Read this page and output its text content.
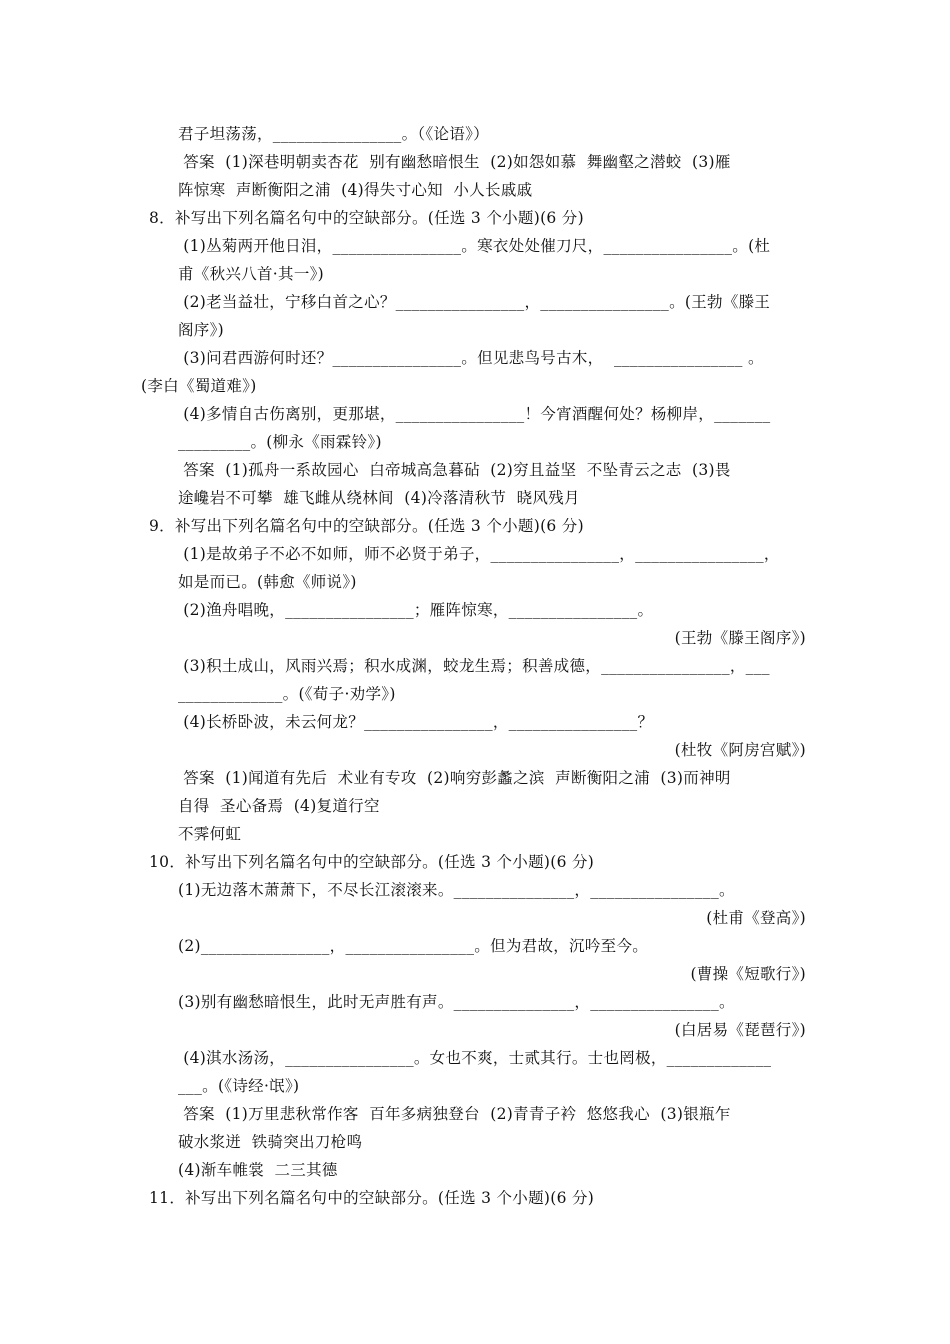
君子坦荡荡，________________。（《论语》）
答案  (1)深巷明朝卖杏花  别有幽愁暗恨生  (2)如怨如慕  舞幽壑之潜蛟  (3)雁
阵惊寒  声断衡阳之浦  (4)得失寸心知  小人长戚戚
8．补写出下列名篇名句中的空缺部分。(任选 3 个小题)(6 分)
(1)丛菊两开他日泪，________________。寒衣处处催刀尺，________________。(杜
甫《秋兴八首·其一》)
(2)老当益壮，宁移白首之心？________________，________________。(王勃《滕王
阁序》)
(3)问君西游何时还？________________。但见悲鸟号古木，  ________________ 。
(李白《蜀道难》)
(4)多情自古伤离别，更那堪，________________！今宵酒醒何处？杨柳岸，_______
_________。(柳永《雨霖铃》)
答案  (1)孤舟一系故园心  白帝城高急暮砧  (2)穷且益坚  不坠青云之志  (3)畏
途巉岩不可攀  雄飞雌从绕林间  (4)冷落清秋节  晓风残月
9．补写出下列名篇名句中的空缺部分。(任选 3 个小题)(6 分)
(1)是故弟子不必不如师，师不必贤于弟子，________________，________________，
如是而已。(韩愈《师说》)
(2)渔舟唱晚，________________；雁阵惊寒，________________。
(王勃《滕王阁序》)
(3)积土成山，风雨兴焉；积水成渊，蛟龙生焉；积善成德，________________，___
_____________。(《荀子·劝学》)
(4)长桥卧波，未云何龙？________________，________________？
(杜牧《阿房宫赋》)
答案  (1)闻道有先后  术业有专攻  (2)响穷彭蠡之滨  声断衡阳之浦  (3)而神明
自得  圣心备焉  (4)复道行空
不霁何虹
10．补写出下列名篇名句中的空缺部分。(任选 3 个小题)(6 分)
(1)无边落木萧萧下，不尽长江滚滚来。_______________，________________。
(杜甫《登高》)
(2)________________，________________。但为君故，沉吟至今。
(曹操《短歌行》)
(3)别有幽愁暗恨生，此时无声胜有声。_______________，________________。
(白居易《琵琶行》)
(4)淇水汤汤，________________。女也不爽，士贰其行。士也罔极，_____________
___。(《诗经·氓》)
答案  (1)万里悲秋常作客  百年多病独登台  (2)青青子衿  悠悠我心  (3)银瓶乍
破水浆迸  铁骑突出刀枪鸣
(4)渐车帷裳  二三其德
11．补写出下列名篇名句中的空缺部分。(任选 3 个小题)(6 分)
